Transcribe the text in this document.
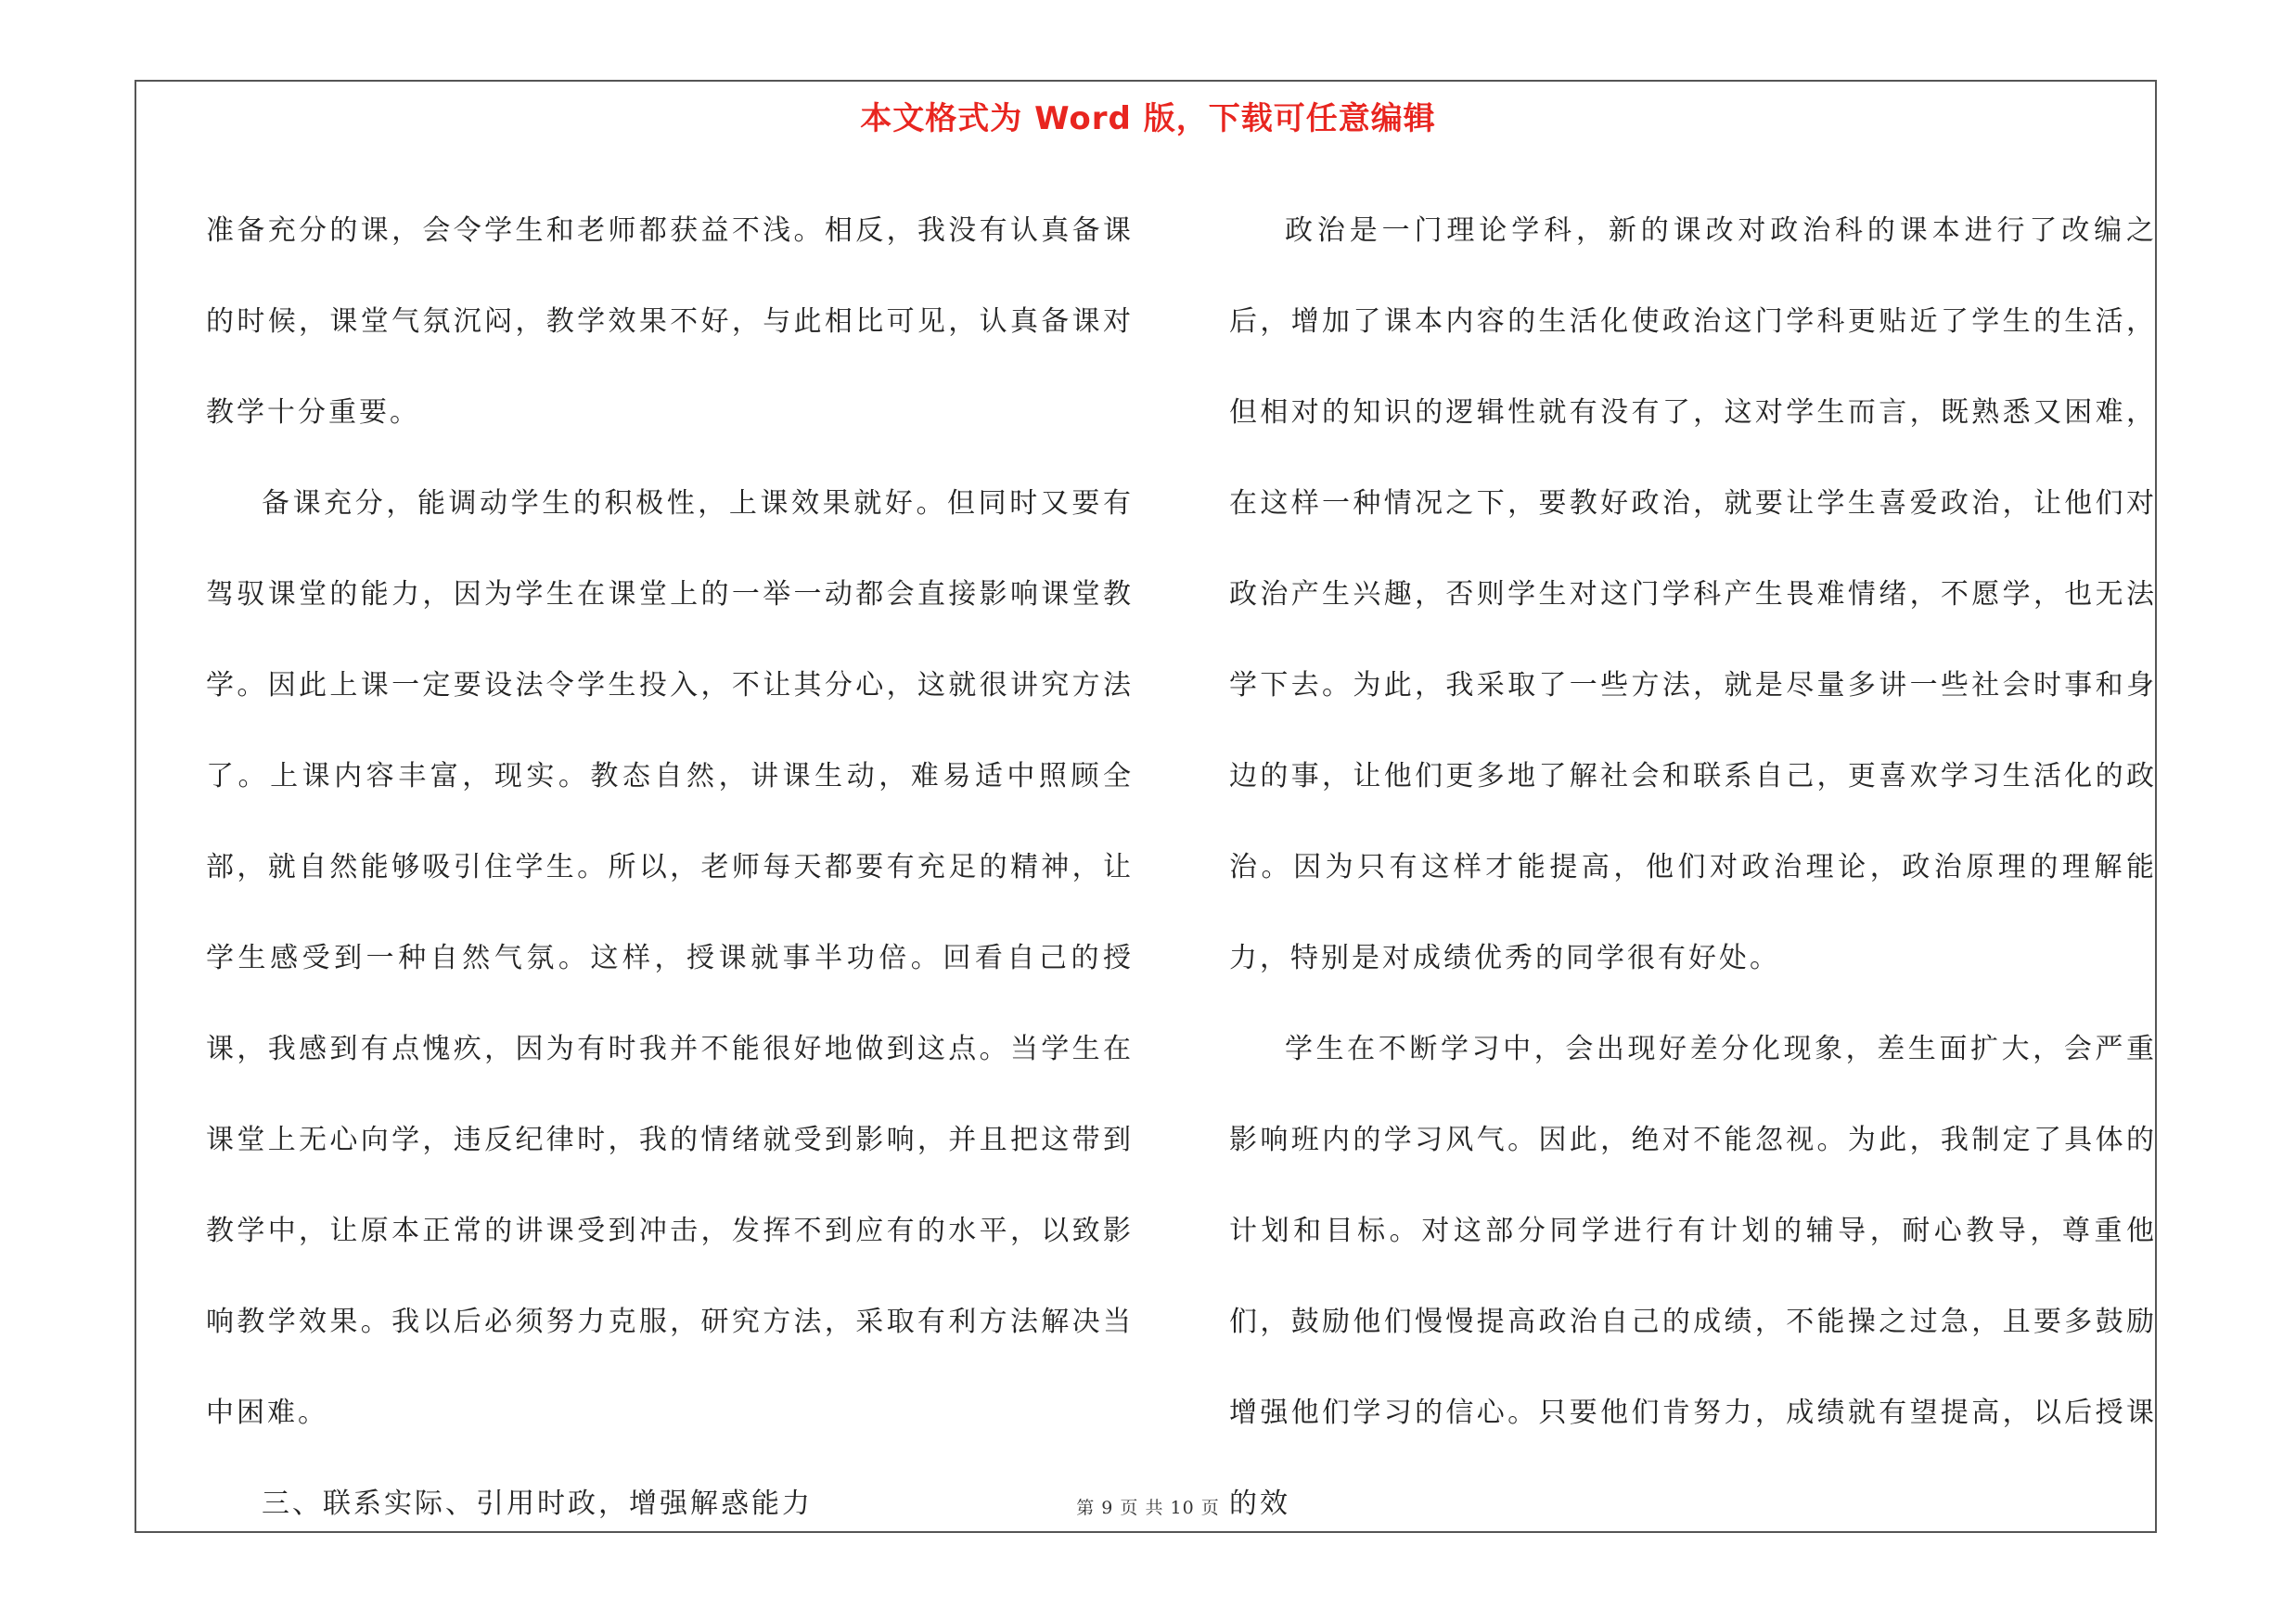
本文格式为 Word 版，下载可任意编辑

准备充分的课，会令学生和老师都获益不浅。相反，我没有认真备课的时候，课堂气氛沉闷，教学效果不好，与此相比可见，认真备课对教学十分重要。

备课充分，能调动学生的积极性，上课效果就好。但同时又要有驾驭课堂的能力，因为学生在课堂上的一举一动都会直接影响课堂教学。因此上课一定要设法令学生投入，不让其分心，这就很讲究方法了。上课内容丰富，现实。教态自然，讲课生动，难易适中照顾全部，就自然能够吸引住学生。所以，老师每天都要有充足的精神，让学生感受到一种自然气氛。这样，授课就事半功倍。回看自己的授课，我感到有点愧疚，因为有时我并不能很好地做到这点。当学生在课堂上无心向学，违反纪律时，我的情绪就受到影响，并且把这带到教学中，让原本正常的讲课受到冲击，发挥不到应有的水平，以致影响教学效果。我以后必须努力克服，研究方法，采取有利方法解决当中困难。

三、联系实际、引用时政，增强解惑能力

政治是一门理论学科，新的课改对政治科的课本进行了改编之后，增加了课本内容的生活化使政治这门学科更贴近了学生的生活，但相对的知识的逻辑性就有没有了，这对学生而言，既熟悉又困难，在这样一种情况之下，要教好政治，就要让学生喜爱政治，让他们对政治产生兴趣，否则学生对这门学科产生畏难情绪，不愿学，也无法学下去。为此，我采取了一些方法，就是尽量多讲一些社会时事和身边的事，让他们更多地了解社会和联系自己，更喜欢学习生活化的政治。因为只有这样才能提高，他们对政治理论，政治原理的理解能力，特别是对成绩优秀的同学很有好处。

学生在不断学习中，会出现好差分化现象，差生面扩大，会严重影响班内的学习风气。因此，绝对不能忽视。为此，我制定了具体的计划和目标。对这部分同学进行有计划的辅导，耐心教导，尊重他们，鼓励他们慢慢提高政治自己的成绩，不能操之过急，且要多鼓励增强他们学习的信心。只要他们肯努力，成绩就有望提高，以后授课的效

第 9 页 共 10 页
